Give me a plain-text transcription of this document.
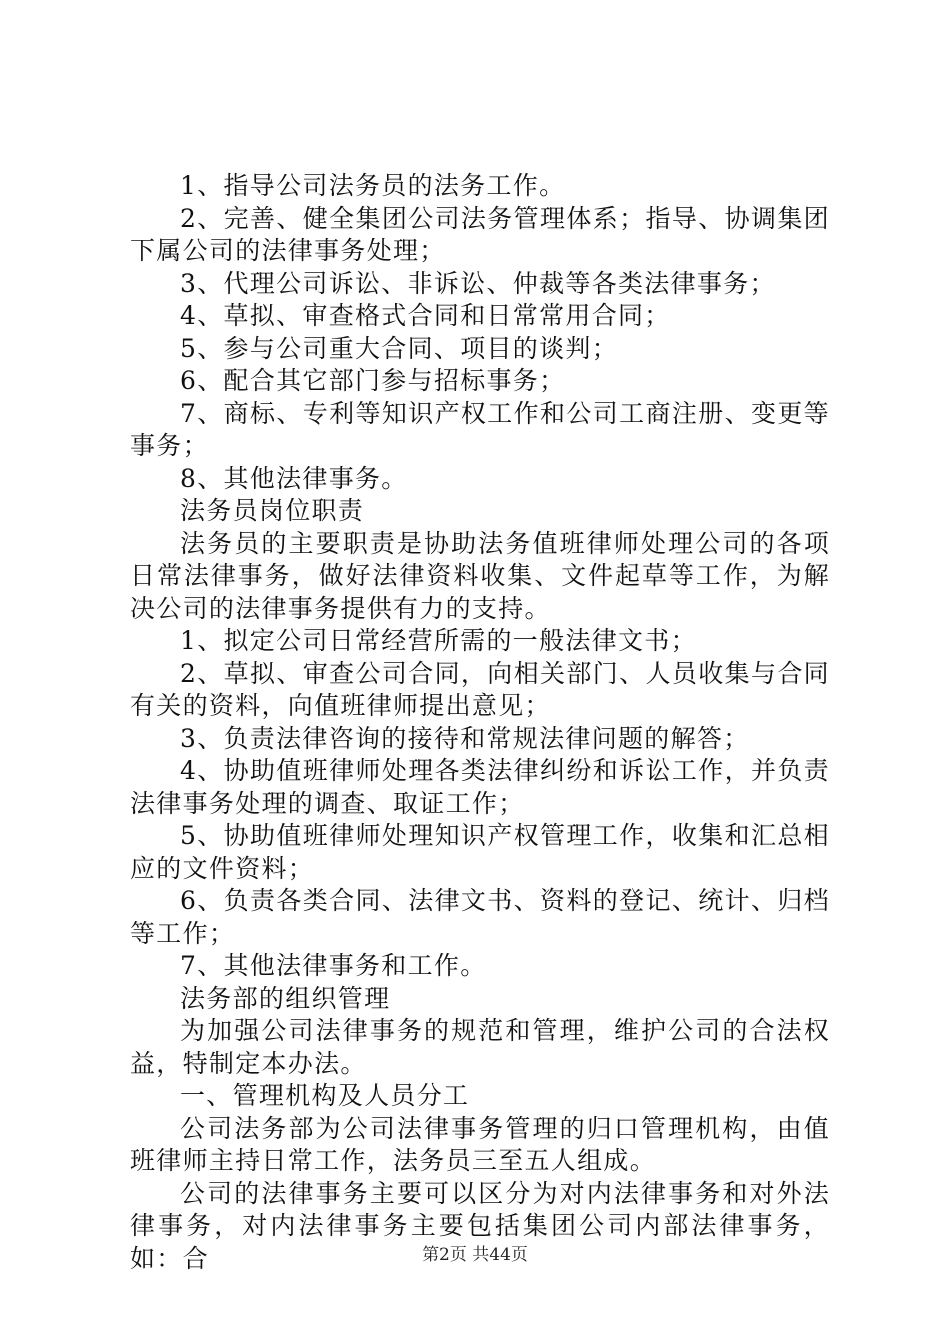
1、指导公司法务员的法务工作。

2、完善、健全集团公司法务管理体系；指导、协调集团下属公司的法律事务处理；

3、代理公司诉讼、非诉讼、仲裁等各类法律事务；

4、草拟、审查格式合同和日常常用合同；

5、参与公司重大合同、项目的谈判；

6、配合其它部门参与招标事务；

7、商标、专利等知识产权工作和公司工商注册、变更等事务；

8、其他法律事务。

法务员岗位职责

法务员的主要职责是协助法务值班律师处理公司的各项日常法律事务，做好法律资料收集、文件起草等工作，为解决公司的法律事务提供有力的支持。

1、拟定公司日常经营所需的一般法律文书；

2、草拟、审查公司合同，向相关部门、人员收集与合同有关的资料，向值班律师提出意见；

3、负责法律咨询的接待和常规法律问题的解答；

4、协助值班律师处理各类法律纠纷和诉讼工作，并负责法律事务处理的调查、取证工作；

5、协助值班律师处理知识产权管理工作，收集和汇总相应的文件资料；

6、负责各类合同、法律文书、资料的登记、统计、归档等工作；

7、其他法律事务和工作。

法务部的组织管理

为加强公司法律事务的规范和管理，维护公司的合法权益，特制定本办法。

一、管理机构及人员分工

公司法务部为公司法律事务管理的归口管理机构，由值班律师主持日常工作，法务员三至五人组成。

公司的法律事务主要可以区分为对内法律事务和对外法律事务，对内法律事务主要包括集团公司内部法律事务，如：合	第2页 共44页
